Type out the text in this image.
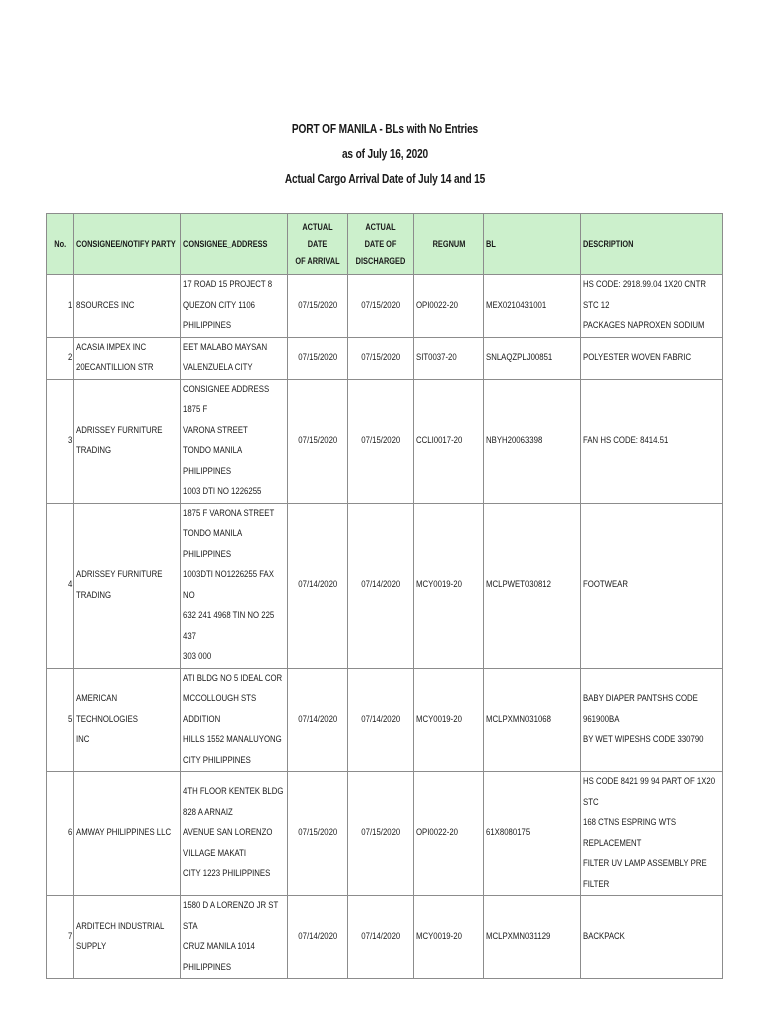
PORT OF MANILA - BLs with No Entries
as of July 16, 2020
Actual Cargo Arrival Date of July 14 and 15
No.	CONSIGNEE/NOTIFY PARTY	CONSIGNEE_ADDRESS	ACTUAL DATE
OF ARRIVAL	ACTUAL DATE OF
DISCHARGED	REGNUM	BL	DESCRIPTION
1	8SOURCES INC	17 ROAD 15 PROJECT 8
QUEZON CITY 1106
PHILIPPINES	07/15/2020	07/15/2020	OPI0022-20	MEX0210431001	HS CODE: 2918.99.04 1X20 CNTR STC 12
PACKAGES NAPROXEN SODIUM

2	ACASIA IMPEX INC
20ECANTILLION STR	EET MALABO MAYSAN
VALENZUELA CITY	07/15/2020	07/15/2020	SIT0037-20	SNLAQZPLJ00851	POLYESTER WOVEN FABRIC

3	ADRISSEY FURNITURE
TRADING	CONSIGNEE ADDRESS 1875 F
VARONA STREET
TONDO MANILA PHILIPPINES
1003 DTI NO 1226255	07/15/2020	07/15/2020	CCLI0017-20	NBYH20063398	FAN HS CODE: 8414.51

4	ADRISSEY FURNITURE
TRADING	1875 F VARONA STREET
TONDO MANILA PHILIPPINES
1003DTI NO1226255 FAX NO
632 241 4968 TIN NO 225 437
303 000	07/14/2020	07/14/2020	MCY0019-20	MCLPWET030812	FOOTWEAR

5	AMERICAN TECHNOLOGIES
INC	ATI BLDG NO 5 IDEAL COR
MCCOLLOUGH STS ADDITION
HILLS 1552 MANALUYONG
CITY PHILIPPINES	07/14/2020	07/14/2020	MCY0019-20	MCLPXMN031068	BABY DIAPER PANTSHS CODE 961900BA
BY WET WIPESHS CODE 330790

6	AMWAY PHILIPPINES LLC	4TH FLOOR KENTEK BLDG
828 A ARNAIZ
AVENUE SAN LORENZO
VILLAGE MAKATI
CITY 1223 PHILIPPINES	07/15/2020	07/15/2020	OPI0022-20	61X8080175	HS CODE 8421 99 94 PART OF 1X20 STC
168 CTNS ESPRING WTS REPLACEMENT
FILTER UV LAMP ASSEMBLY PRE
FILTER

7	ARDITECH INDUSTRIAL
SUPPLY	1580 D A LORENZO JR ST STA
CRUZ MANILA 1014
PHILIPPINES	07/14/2020	07/14/2020	MCY0019-20	MCLPXMN031129	BACKPACK
